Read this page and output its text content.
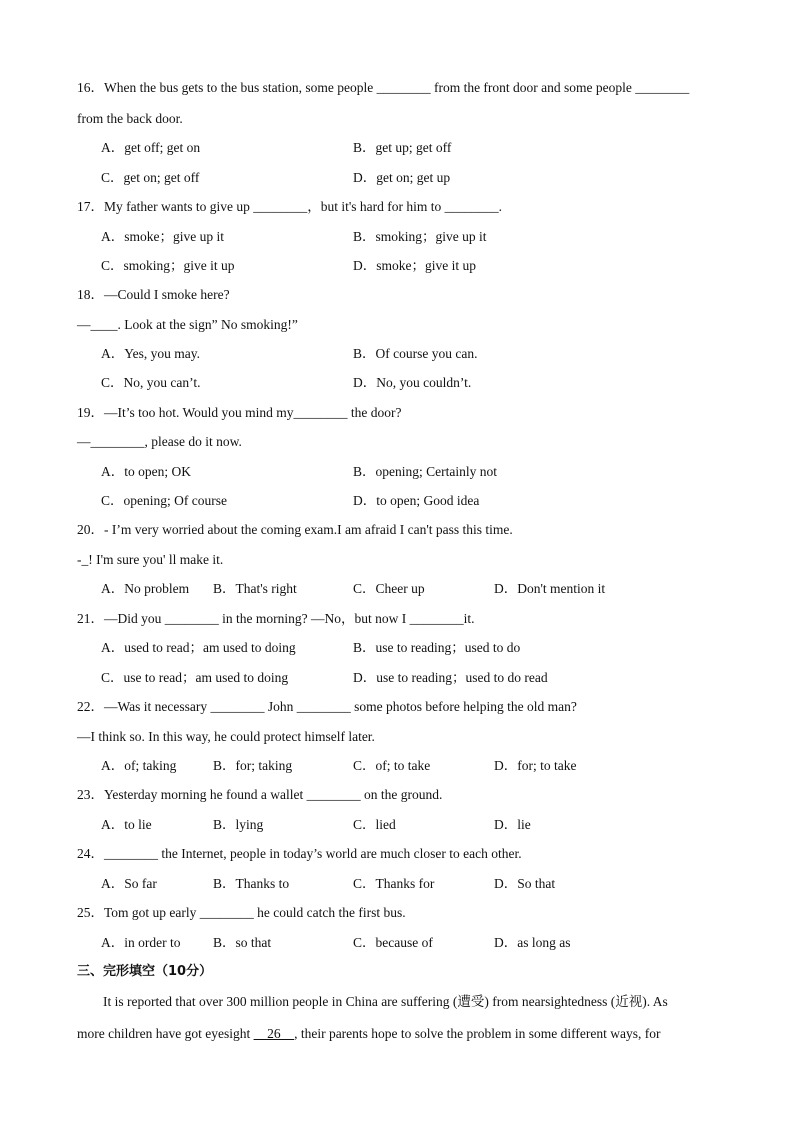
16．When the bus gets to the bus station, some people ________ from the front door and some people ________
from the back door.
A．get off; get on	B．get up; get off
C．get on; get off	D．get on; get up
17．My father wants to give up ________，but it's hard for him to ________.
A．smoke；give up it	B．smoking；give up it
C．smoking；give it up	D．smoke；give it up
18．—Could I smoke here?
—____. Look at the sign” No smoking!”
A．Yes, you may.	B．Of course you can.
C．No, you can’t.	D．No, you couldn’t.
19．—It’s too hot. Would you mind my________ the door?
—________, please do it now.
A．to open; OK	B．opening; Certainly not
C．opening; Of course	D．to open; Good idea
20．- I’m very worried about the coming exam.I am afraid I can't pass this time.
-_! I'm sure you' ll make it.
A．No problem B．That's right	C．Cheer up	D．Don't mention it
21．—Did you ________ in the morning? —No，but now I ________it.
A．used to read；am used to doing	B．use to reading；used to do
C．use to read；am used to doing	D．use to reading；used to do read
22．—Was it necessary ________ John ________ some photos before helping the old man?
—I think so. In this way, he could protect himself later.
A．of; taking	B．for; taking	C．of; to take	D．for; to take
23．Yesterday morning he found a wallet ________ on the ground.
A．to lie	B．lying	C．lied	D．lie
24．________ the Internet, people in today’s world are much closer to each other.
A．So far	B．Thanks to	C．Thanks for	D．So that
25．Tom got up early ________ he could catch the first bus.
A．in order to B．so that	C．because of	D．as long as
三、完形填空（10分）
It is reported that over 300 million people in China are suffering (遭受) from nearsightedness (近视). As
more children have got eyesight 　26　, their parents hope to solve the problem in some different ways, for
